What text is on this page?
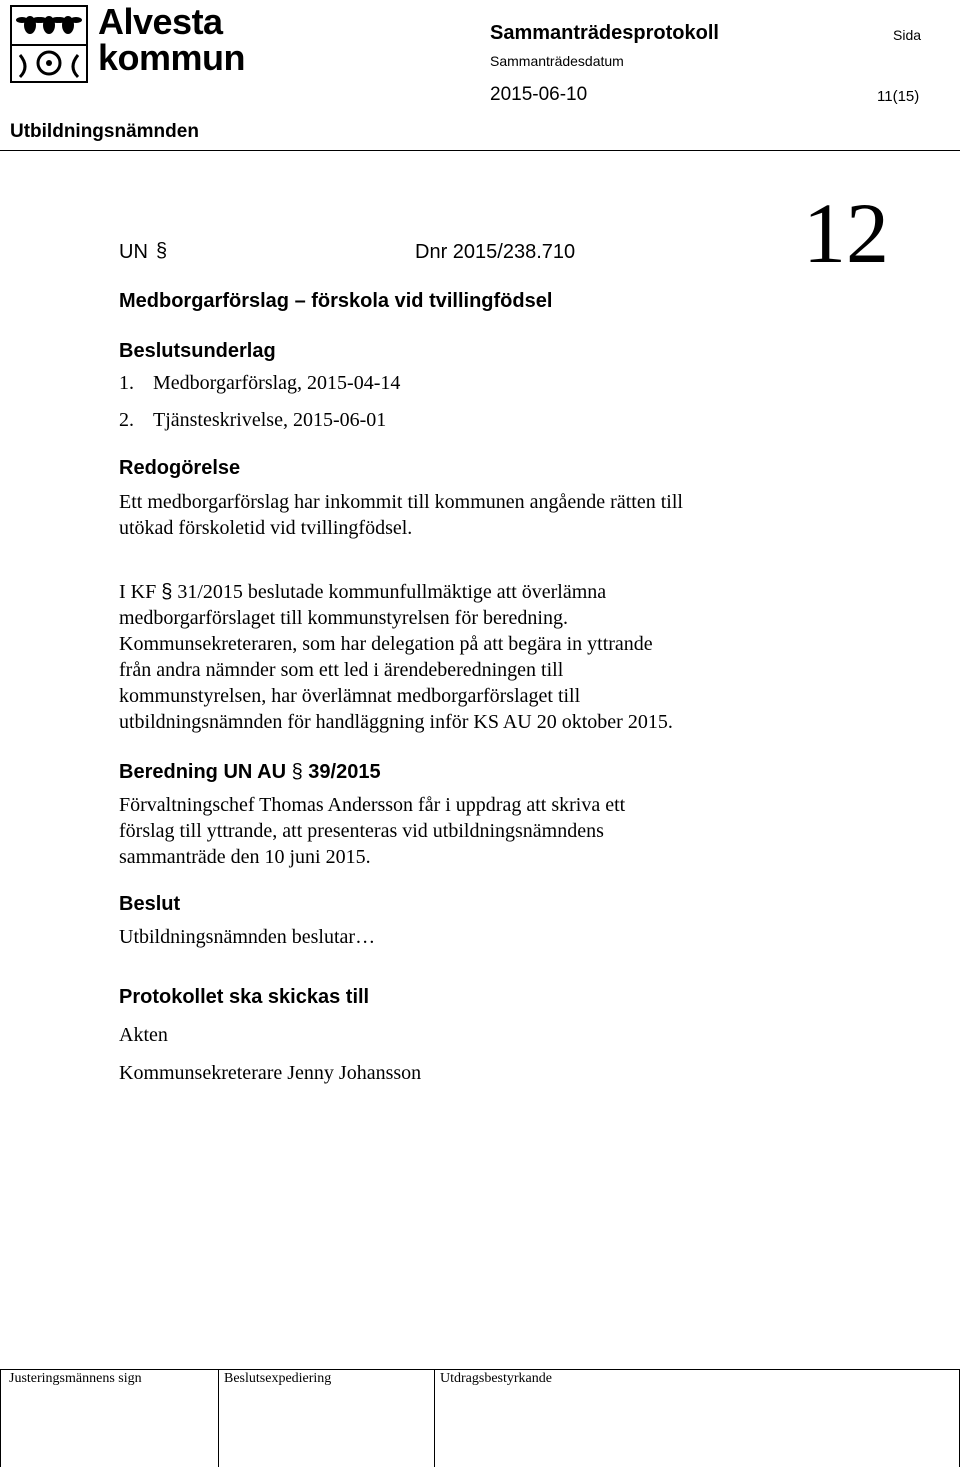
Alvesta
kommun
Sammanträdesprotokoll	Sida
Sammanträdesdatum
2015-06-10	11(15)
Utbildningsnämnden
UN §	Dnr 2015/238.710	12
Medborgarförslag – förskola vid tvillingfödsel
Beslutsunderlag
1. Medborgarförslag, 2015-04-14
2. Tjänsteskrivelse, 2015-06-01
Redogörelse
Ett medborgarförslag har inkommit till kommunen angående rätten till
utökad förskoletid vid tvillingfödsel.
I KF § 31/2015 beslutade kommunfullmäktige att överlämna
medborgarförslaget till kommunstyrelsen för beredning.
Kommunsekreteraren, som har delegation på att begära in yttrande
från andra nämnder som ett led i ärendeberedningen till
kommunstyrelsen, har överlämnat medborgarförslaget till
utbildningsnämnden för handläggning inför KS AU 20 oktober 2015.
Beredning UN AU § 39/2015
Förvaltningschef Thomas Andersson får i uppdrag att skriva ett
förslag till yttrande, att presenteras vid utbildningsnämndens
sammanträde den 10 juni 2015.
Beslut
Utbildningsnämnden beslutar…
Protokollet ska skickas till
Akten
Kommunsekreterare Jenny Johansson
Justeringsmännens sign	Beslutsexpediering	Utdragsbestyrkande
